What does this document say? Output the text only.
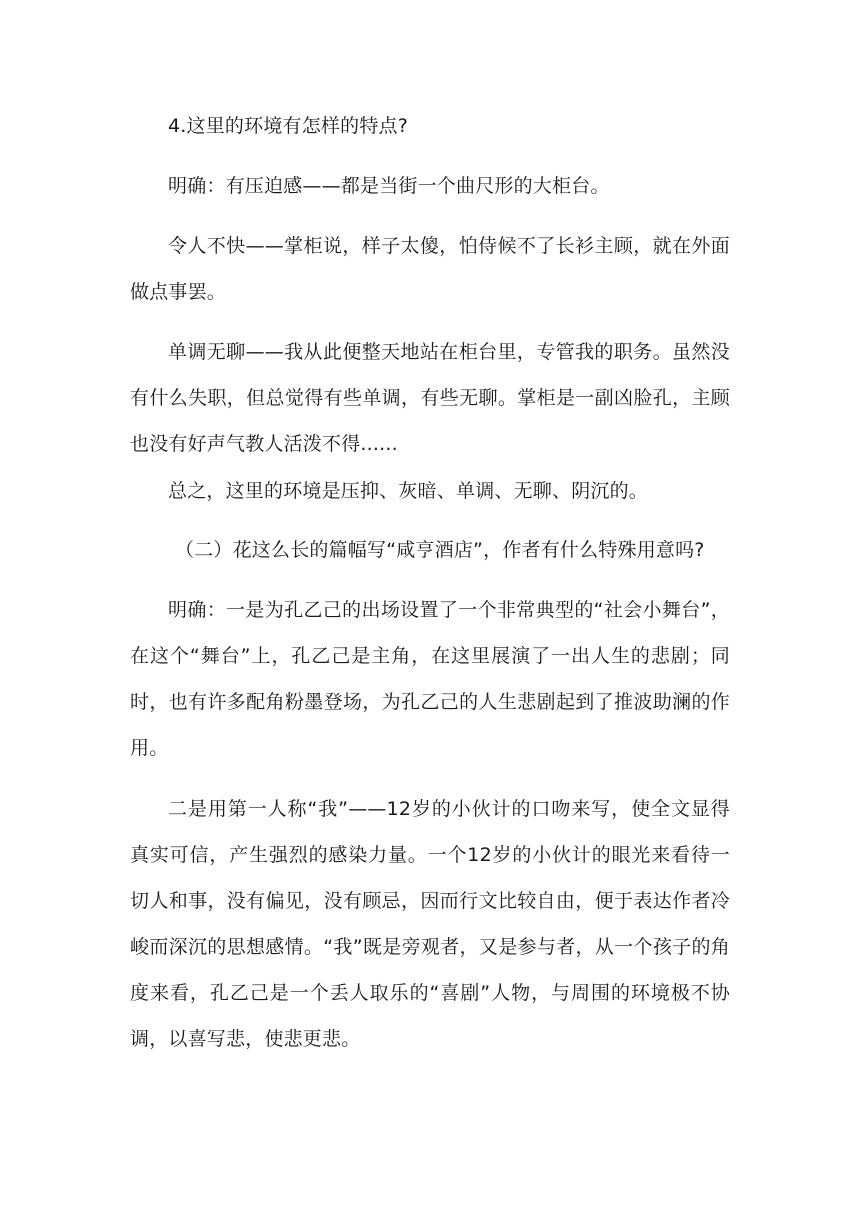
4.这里的环境有怎样的特点?

明确：有压迫感——都是当街一个曲尺形的大柜台。

令人不快——掌柜说，样子太傻，怕侍候不了长衫主顾，就在外面做点事罢。

单调无聊——我从此便整天地站在柜台里，专管我的职务。虽然没有什么失职，但总觉得有些单调，有些无聊。掌柜是一副凶脸孔，主顾也没有好声气教人活泼不得......

总之，这里的环境是压抑、灰暗、单调、无聊、阴沉的。

（二）花这么长的篇幅写“咸亨酒店”，作者有什么特殊用意吗?

明确：一是为孔乙己的出场设置了一个非常典型的“社会小舞台”，在这个“舞台”上，孔乙己是主角，在这里展演了一出人生的悲剧；同时，也有许多配角粉墨登场，为孔乙己的人生悲剧起到了推波助澜的作用。

二是用第一人称“我”——12岁的小伙计的口吻来写，使全文显得真实可信，产生强烈的感染力量。一个12岁的小伙计的眼光来看待一切人和事，没有偏见，没有顾忌，因而行文比较自由，便于表达作者冷峻而深沉的思想感情。“我”既是旁观者，又是参与者，从一个孩子的角度来看，孔乙己是一个丢人取乐的“喜剧”人物，与周围的环境极不协调，以喜写悲，使悲更悲。
